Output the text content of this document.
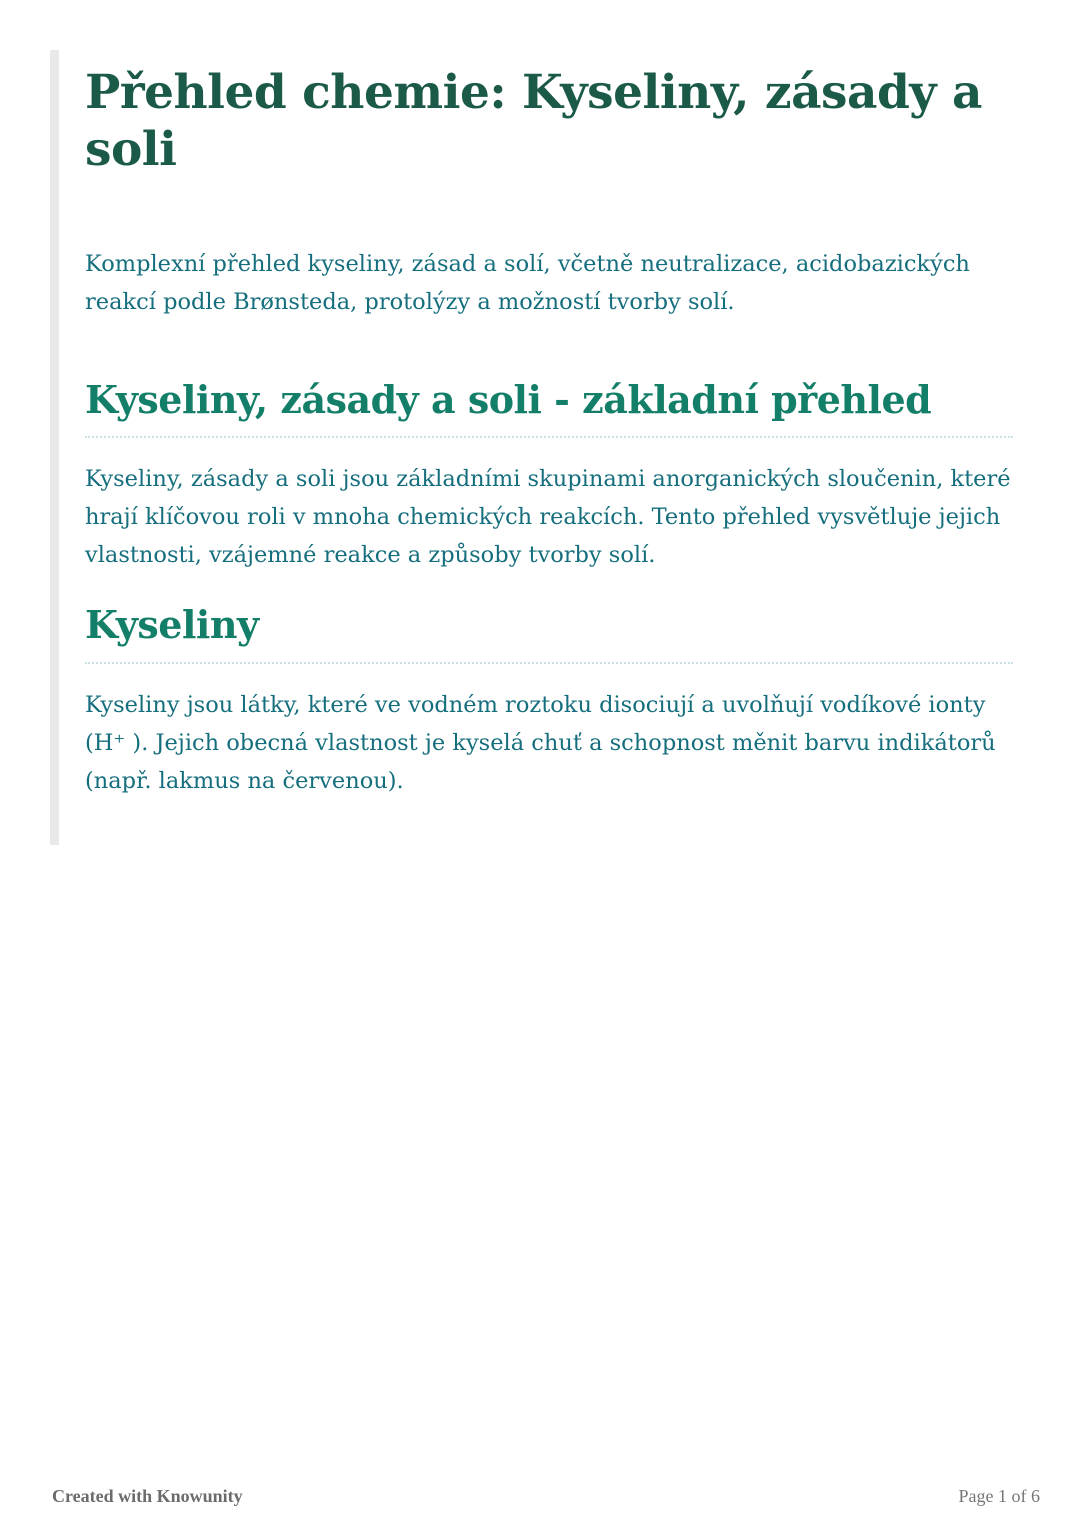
Přehled chemie: Kyseliny, zásady a soli

Komplexní přehled kyseliny, zásad a solí, včetně neutralizace, acidobazických reakcí podle Brønsteda, protolýzy a možností tvorby solí.

Kyseliny, zásady a soli - základní přehled

Kyseliny, zásady a soli jsou základními skupinami anorganických sloučenin, které hrají klíčovou roli v mnoha chemických reakcích. Tento přehled vysvětluje jejich vlastnosti, vzájemné reakce a způsoby tvorby solí.

Kyseliny

Kyseliny jsou látky, které ve vodném roztoku disociují a uvolňují vodíkové ionty (H⁺ ). Jejich obecná vlastnost je kyselá chuť a schopnost měnit barvu indikátorů (např. lakmus na červenou).

Created with Knowunity	Page 1 of 6
